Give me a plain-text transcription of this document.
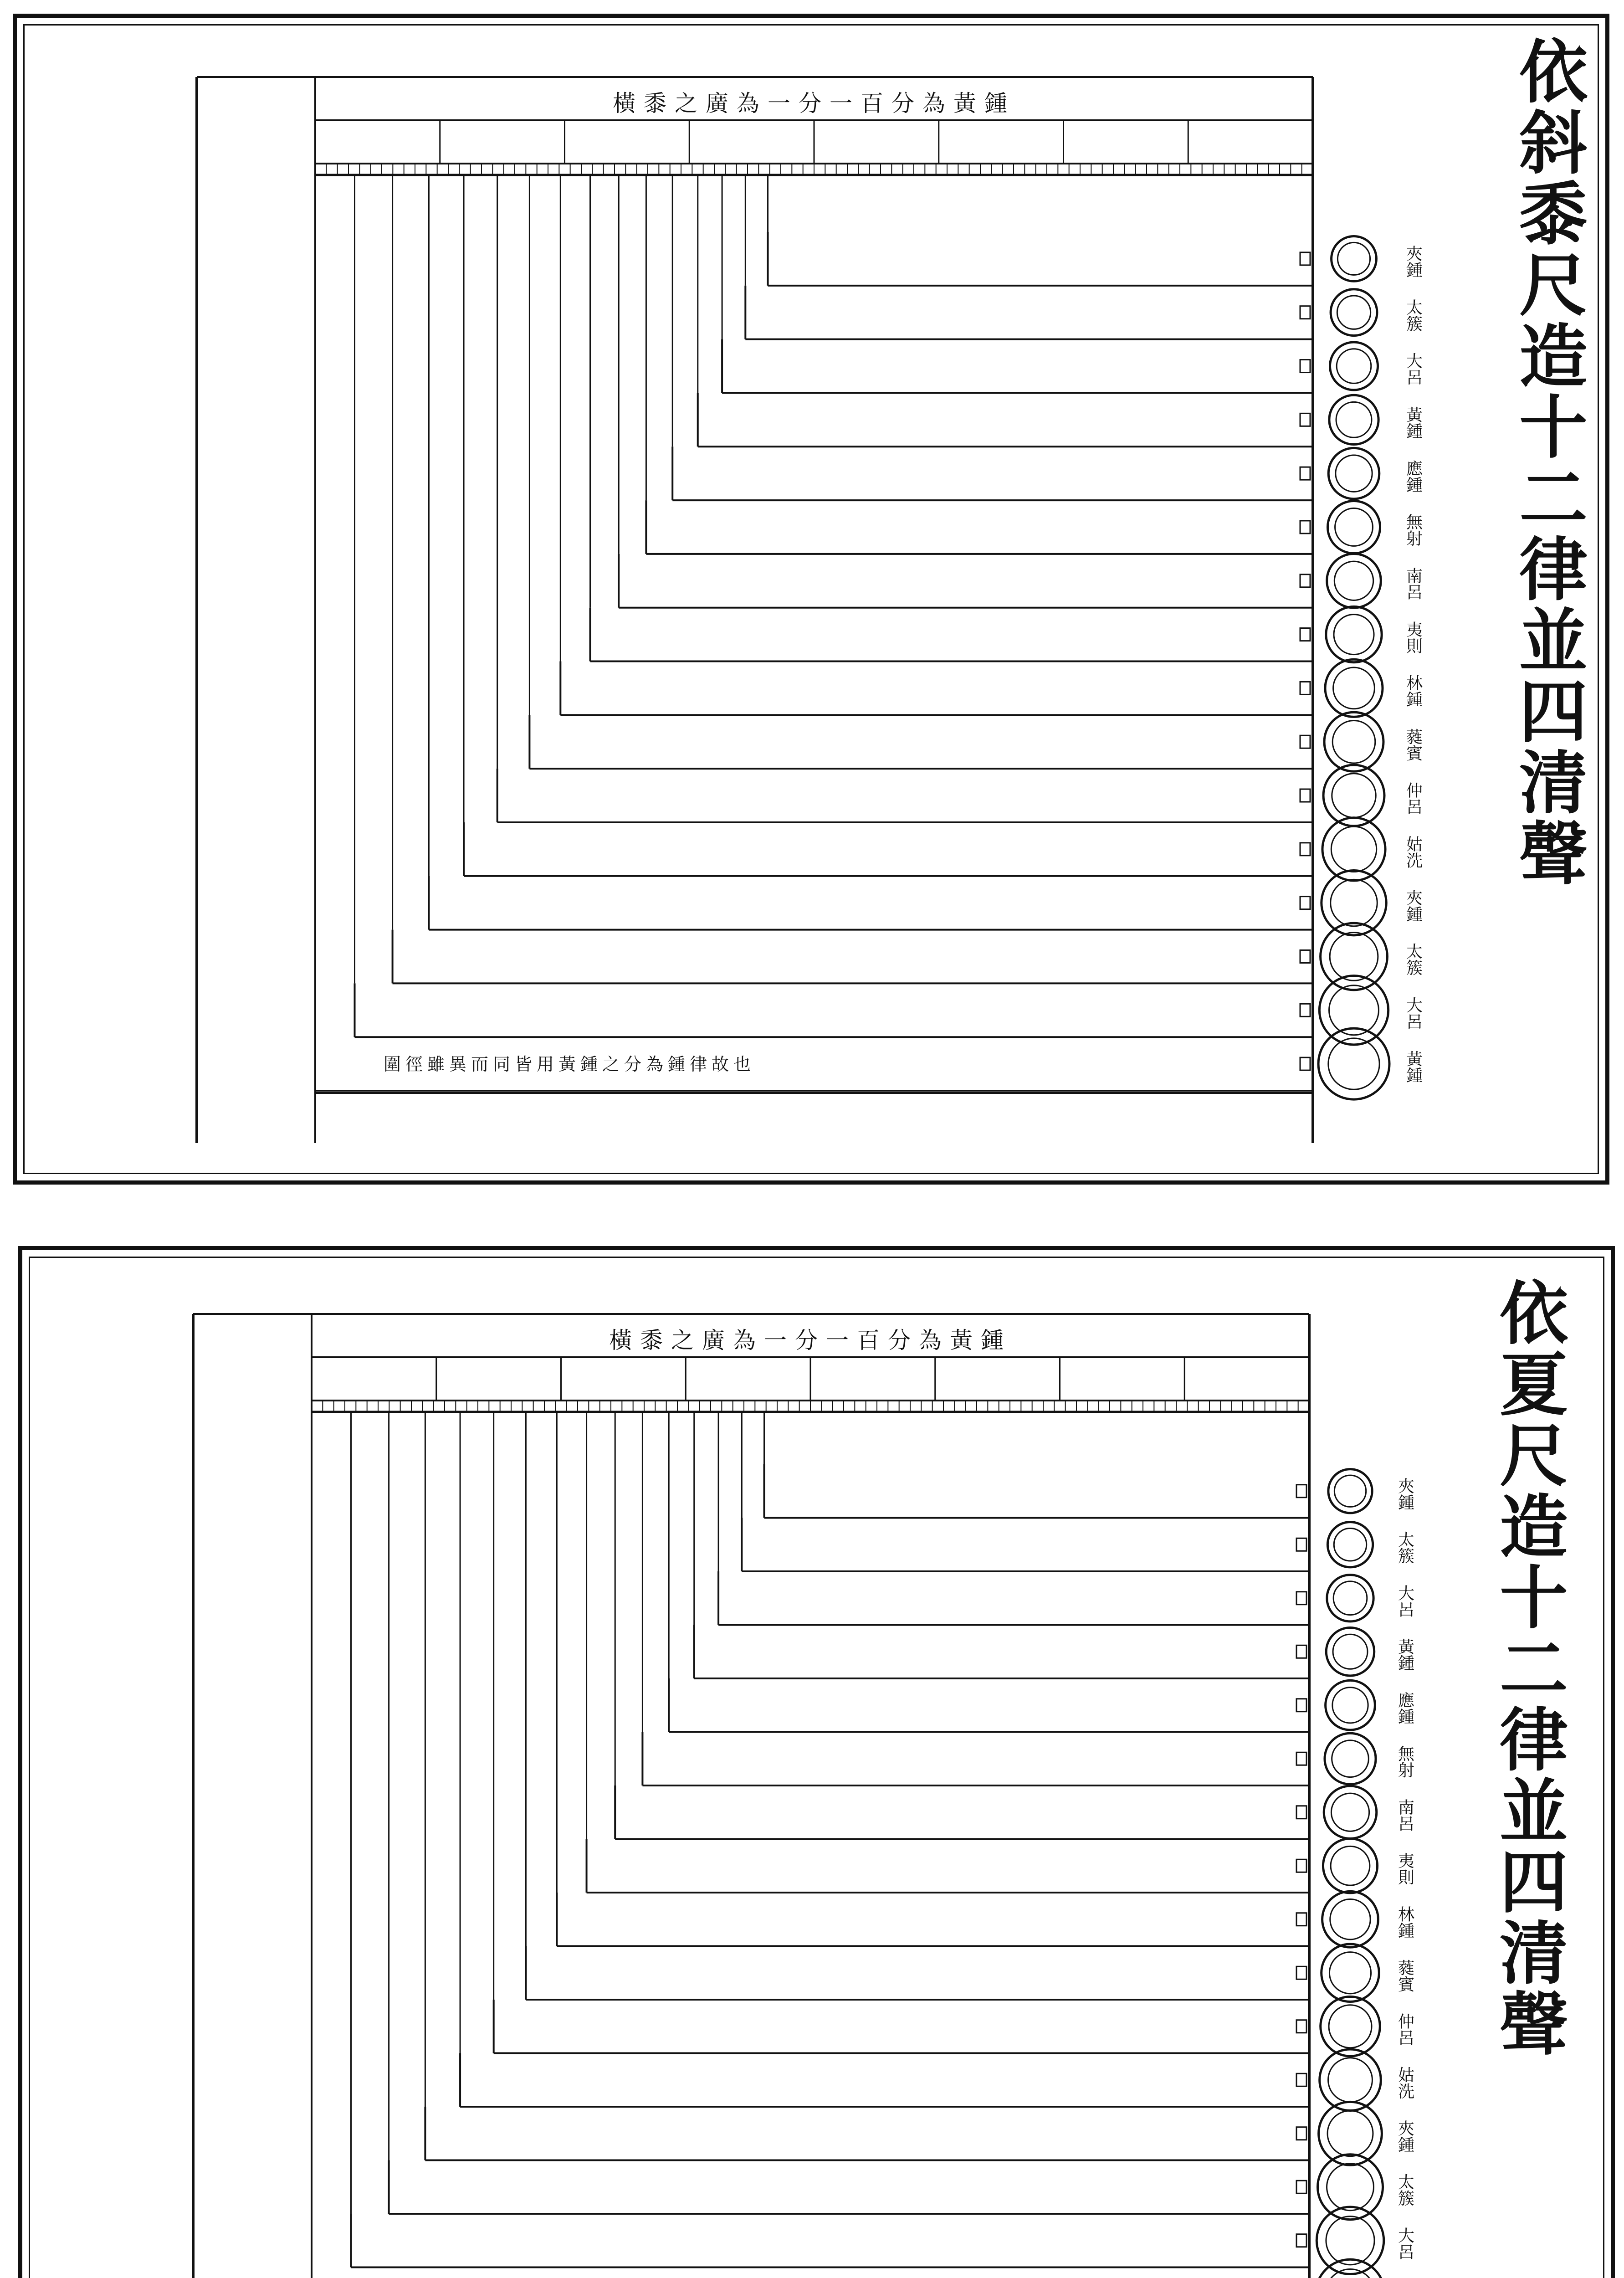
依斜黍尺造十二律並四清聲
橫黍之廣為一分一百分為黃鍾
黃鍾
圍徑雖異而同皆用黃鍾之分為鍾律故也
大呂
太簇
夾鍾
姑洗
仲呂
蕤賓
林鍾
夷則
南呂
無射
應鍾
黃鍾
大呂
太簇
夾鍾
依夏尺造十二律並四清聲
橫黍之廣為一分一百分為黃鍾
大呂
太簇
夾鍾
姑洗
仲呂
蕤賓
林鍾
夷則
南呂
無射
應鍾
黃鍾
大呂
太簇
夾鍾
